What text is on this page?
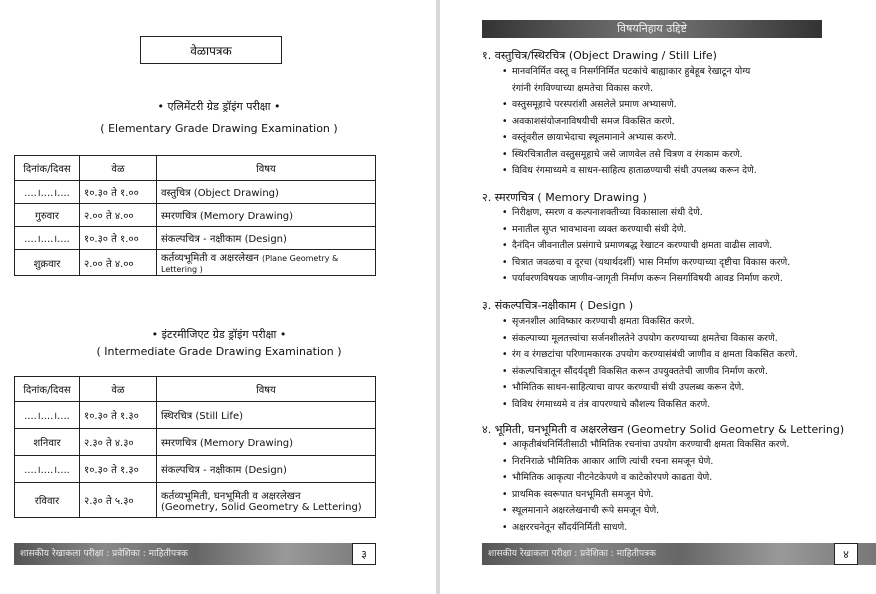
वेळापत्रक
• एलिमेंटरी ग्रेड ड्रॉइंग परीक्षा •
( Elementary Grade Drawing Examination )
दिनांक/दिवस	वेळ	विषय
....।....।....	१०.३० ते १.००	वस्तुचित्र (Object Drawing)
गुरुवार	२.०० ते ४.००	स्मरणचित्र (Memory Drawing)
....।....।....	१०.३० ते १.००	संकल्पचित्र - नक्षीकाम (Design)
शुक्रवार	२.०० ते ४.००	कर्तव्यभूमिती व अक्षरलेखन (Plane Geometry & Lettering )
• इंटरमीजिएट ग्रेड ड्रॉइंग परीक्षा •
( Intermediate Grade Drawing Examination )
दिनांक/दिवस	वेळ	विषय
....।....।....	१०.३० ते १.३०	स्थिरचित्र (Still Life)
शनिवार	२.३० ते ४.३०	स्मरणचित्र (Memory Drawing)
....।....।....	१०.३० ते १.३०	संकल्पचित्र - नक्षीकाम (Design)
रविवार	२.३० ते ५.३०	कर्तव्यभूमिती, घनभूमिती व अक्षरलेखन
(Geometry, Solid Geometry & Lettering)
शासकीय रेखाकला परीक्षा : प्रवेशिका : माहितीपत्रक	३
विषयनिहाय उद्दिष्टे
१. वस्तुचित्र/स्थिरचित्र (Object Drawing / Still Life)
• मानवनिर्मित वस्तू व निसर्गनिर्मित घटकांचे बाह्याकार हुबेहूब रेखाटून योग्य
रंगांनी रंगविण्याच्या क्षमतेचा विकास करणे.
• वस्तुसमूहाचे परस्परांशी असलेले प्रमाण अभ्यासणे.
• अवकाशसंयोजनाविषयीची समज विकसित करणे.
• वस्तूंवरील छायाभेदाचा स्थूलमानाने अभ्यास करणे.
• स्थिरचित्रातील वस्तुसमूहाचे जसे जाणवेल तसे चित्रण व रंगकाम करणे.
• विविध रंगमाध्यमे व साधन-साहित्य हाताळण्याची संधी उपलब्ध करून देणे.
२. स्मरणचित्र ( Memory Drawing )
• निरीक्षण, स्मरण व कल्पनाशक्तीच्या विकासाला संधी देणे.
• मनातील सुप्त भावभावना व्यक्त करण्याची संधी देणे.
• दैनंदिन जीवनातील प्रसंगाचे प्रमाणबद्ध रेखाटन करण्याची क्षमता वाढीस लावणे.
• चित्रात जवळचा व दूरचा (यथार्थदर्शी) भास निर्माण करण्याच्या दृष्टीचा विकास करणे.
• पर्यावरणविषयक जाणीव-जागृती निर्माण करून निसर्गाविषयी आवड निर्माण करणे.
३. संकल्पचित्र-नक्षीकाम ( Design )
• सृजनशील आविष्कार करण्याची क्षमता विकसित करणे.
• संकल्पाच्या मूलतत्त्वांचा सर्जनशीलतेने उपयोग करण्याच्या क्षमतेचा विकास करणे.
• रंग व रंगछटांचा परिणामकारक उपयोग करण्यासंबंधी जाणीव व क्षमता विकसित करणे.
• संकल्पचित्रातून सौंदर्यदृष्टी विकसित करून उपयुक्ततेची जाणीव निर्माण करणे.
• भौमितिक साधन-साहित्याचा वापर करण्याची संधी उपलब्ध करून देणे.
• विविध रंगमाध्यमे व तंत्र वापरण्याचे कौशल्य विकसित करणे.
४. भूमिती, घनभूमिती व अक्षरलेखन (Geometry Solid Geometry & Lettering)
• आकृतीबंधनिर्मितीसाठी भौमितिक रचनांचा उपयोग करण्याची क्षमता विकसित करणे.
• निरनिराळे भौमितिक आकार आणि त्यांची रचना समजून घेणे.
• भौमितिक आकृत्या नीटनेटकेपणे व काटेकोरपणे काढता येणे.
• प्राथमिक स्वरूपात घनभूमिती समजून घेणे.
• स्थूलमानाने अक्षरलेखनाची रूपे समजून घेणे.
• अक्षररचनेतून सौंदर्यनिर्मिती साधणे.
शासकीय रेखाकला परीक्षा : प्रवेशिका : माहितीपत्रक	४
